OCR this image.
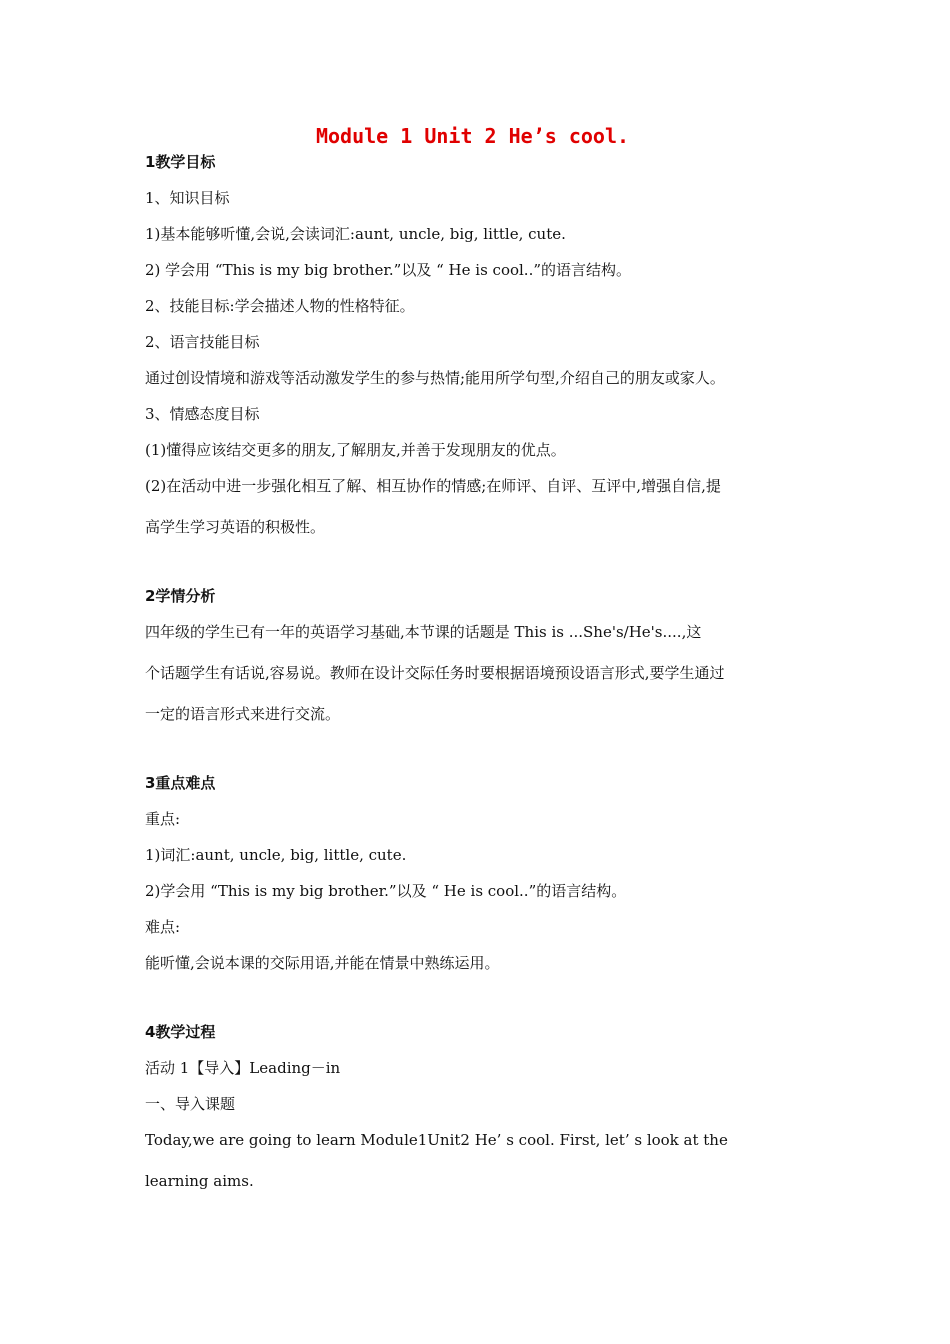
Module 1 Unit 2 He’s cool.
1教学目标
1、知识目标
1)基本能够听懂,会说,会读词汇:aunt, uncle, big, little, cute.
2) 学会用 “This is my big brother.”以及 “ He is cool..”的语言结构。
2、技能目标:学会描述人物的性格特征。
2、语言技能目标
通过创设情境和游戏等活动激发学生的参与热情;能用所学句型,介绍自己的朋友或家人。
3、情感态度目标
(1)懂得应该结交更多的朋友,了解朋友,并善于发现朋友的优点。
(2)在活动中进一步强化相互了解、相互协作的情感;在师评、自评、互评中,增强自信,提
高学生学习英语的积极性。
2学情分析
四年级的学生已有一年的英语学习基础,本节课的话题是 This is ...She's/He's....,这
个话题学生有话说,容易说。教师在设计交际任务时要根据语境预设语言形式,要学生通过
一定的语言形式来进行交流。
3重点难点
重点:
1)词汇:aunt, uncle, big, little, cute.
2)学会用 “This is my big brother.”以及 “ He is cool..”的语言结构。
难点:
能听懂,会说本课的交际用语,并能在情景中熟练运用。
4教学过程
活动 1【导入】Leading－in
一、导入课题
Today,we are going to learn Module1Unit2 He’ s cool. First, let’ s look at the
learning aims.
